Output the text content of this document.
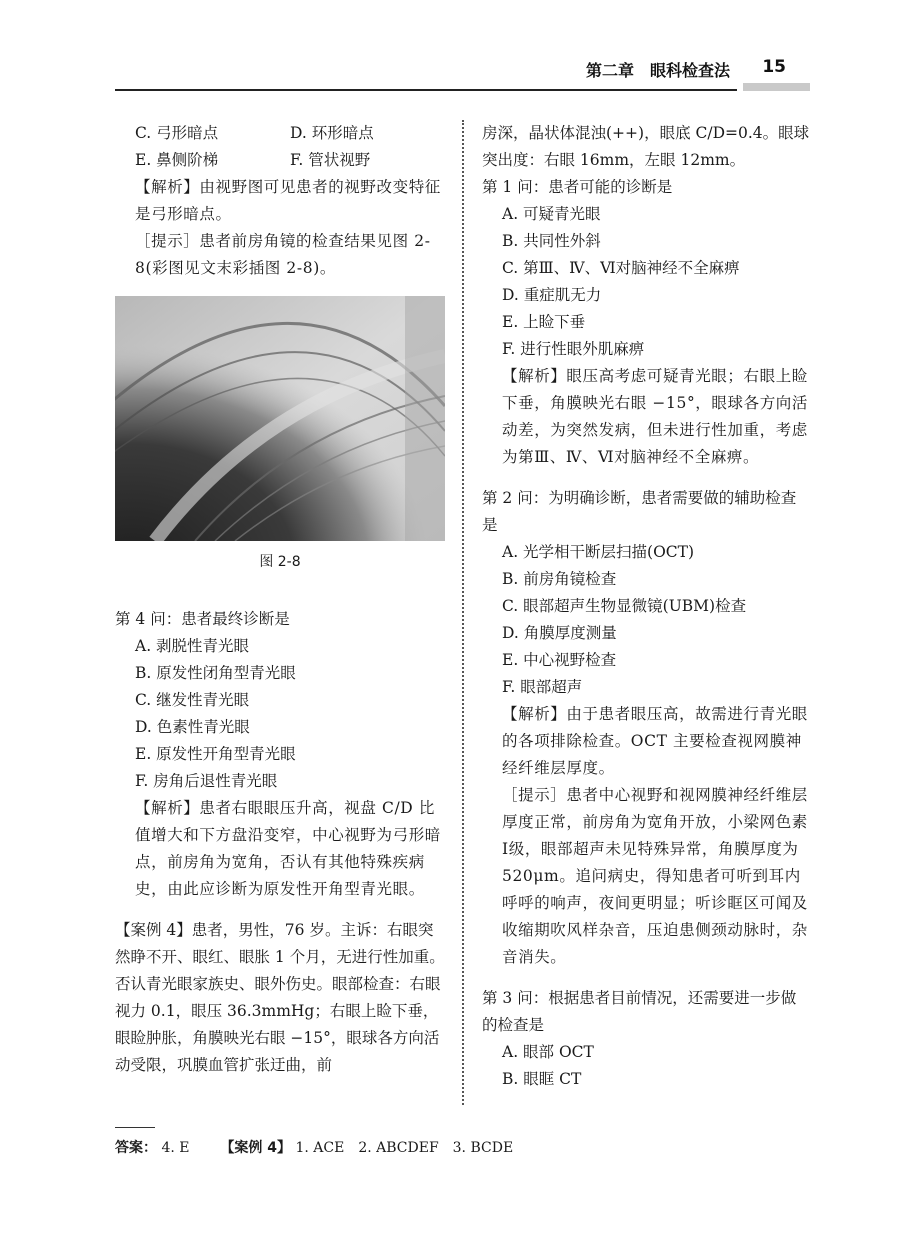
第二章　眼科检查法 15
C. 弓形暗点	D. 环形暗点
E. 鼻侧阶梯	F. 管状视野

【解析】由视野图可见患者的视野改变特征是弓形暗点。

［提示］患者前房角镜的检查结果见图 2-8(彩图见文末彩插图 2-8)。

图 2-8

第 4 问：患者最终诊断是

A. 剥脱性青光眼

B. 原发性闭角型青光眼

C. 继发性青光眼

D. 色素性青光眼

E. 原发性开角型青光眼

F. 房角后退性青光眼

【解析】患者右眼眼压升高，视盘 C/D 比值增大和下方盘沿变窄，中心视野为弓形暗点，前房角为宽角，否认有其他特殊疾病史，由此应诊断为原发性开角型青光眼。

【案例 4】患者，男性，76 岁。主诉：右眼突然睁不开、眼红、眼胀 1 个月，无进行性加重。否认青光眼家族史、眼外伤史。眼部检查：右眼视力 0.1，眼压 36.3mmHg；右眼上睑下垂，眼睑肿胀，角膜映光右眼 −15°，眼球各方向活动受限，巩膜血管扩张迂曲，前

房深，晶状体混浊(++)，眼底 C/D=0.4。眼球突出度：右眼 16mm，左眼 12mm。

第 1 问：患者可能的诊断是

A. 可疑青光眼

B. 共同性外斜

C. 第Ⅲ、Ⅳ、Ⅵ对脑神经不全麻痹

D. 重症肌无力

E. 上睑下垂

F. 进行性眼外肌麻痹

【解析】眼压高考虑可疑青光眼；右眼上睑下垂，角膜映光右眼 −15°，眼球各方向活动差，为突然发病，但未进行性加重，考虑为第Ⅲ、Ⅳ、Ⅵ对脑神经不全麻痹。

第 2 问：为明确诊断，患者需要做的辅助检查是

A. 光学相干断层扫描(OCT)

B. 前房角镜检查

C. 眼部超声生物显微镜(UBM)检查

D. 角膜厚度测量

E. 中心视野检查

F. 眼部超声

【解析】由于患者眼压高，故需进行青光眼的各项排除检查。OCT 主要检查视网膜神经纤维层厚度。

［提示］患者中心视野和视网膜神经纤维层厚度正常，前房角为宽角开放，小梁网色素Ⅰ级，眼部超声未见特殊异常，角膜厚度为 520μm。追问病史，得知患者可听到耳内呼呼的响声，夜间更明显；听诊眶区可闻及收缩期吹风样杂音，压迫患侧颈动脉时，杂音消失。

第 3 问：根据患者目前情况，还需要进一步做的检查是

A. 眼部 OCT

B. 眼眶 CT

答案： 4. E 【案例 4】 1. ACE　2. ABCDEF　3. BCDE
